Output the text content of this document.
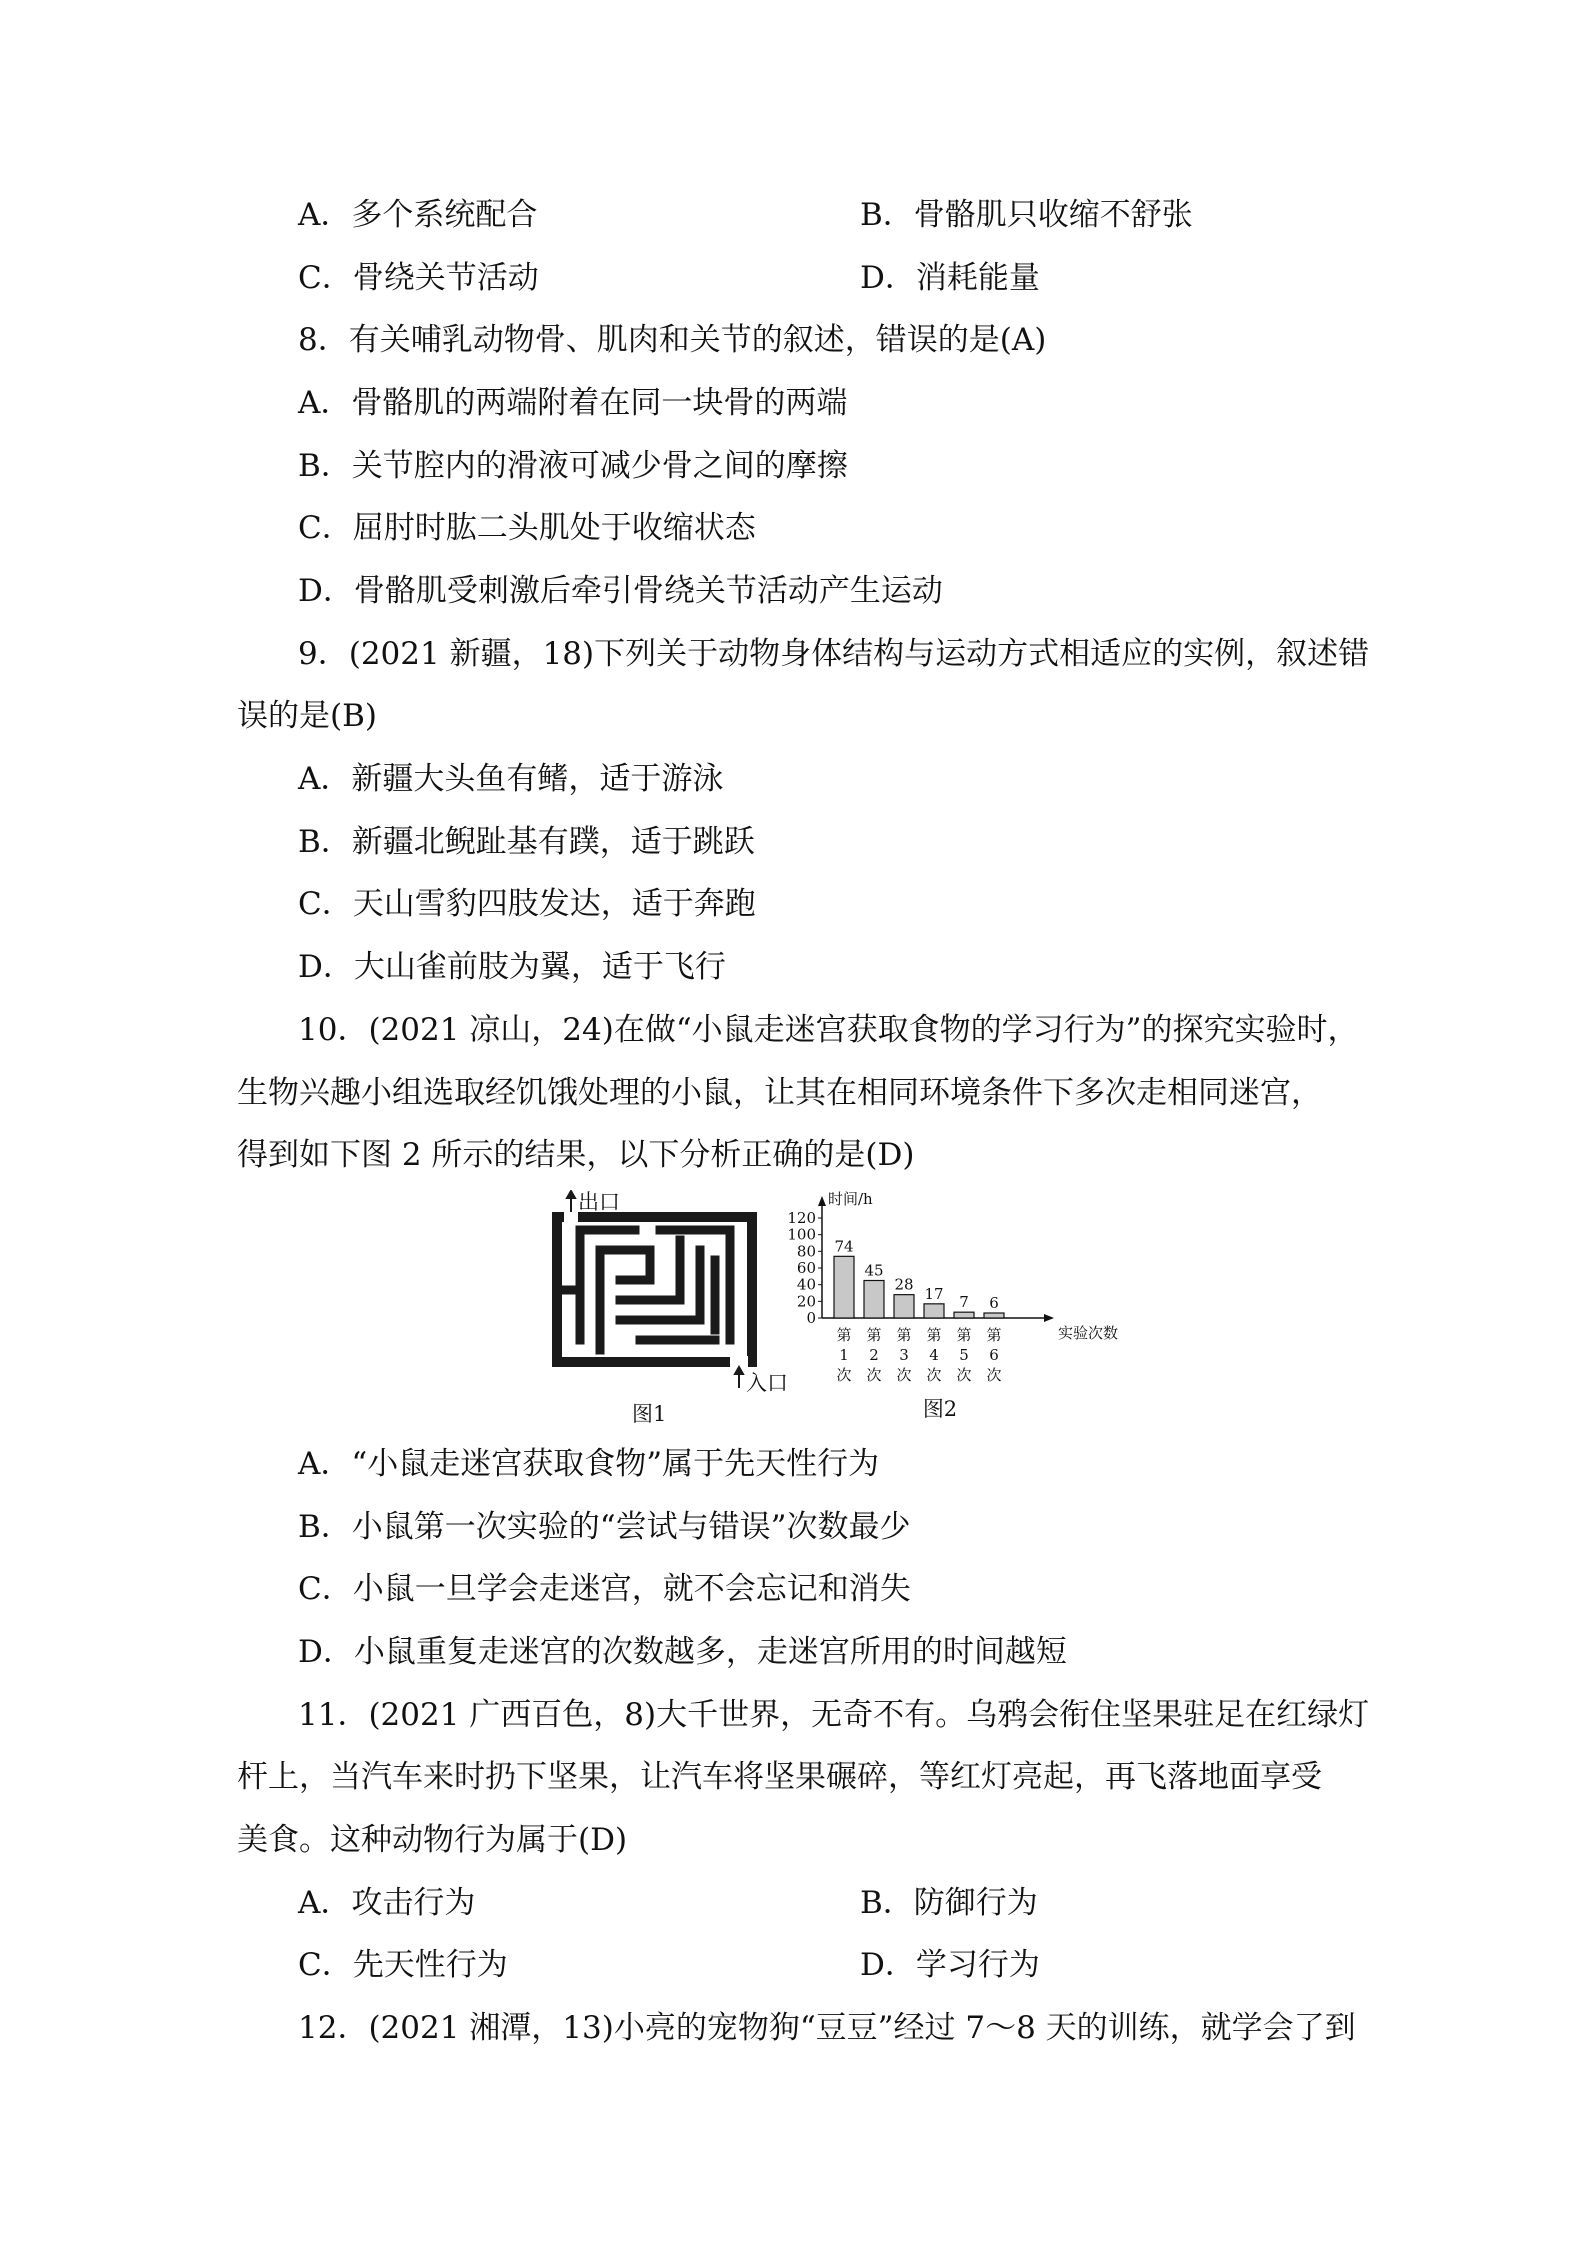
A．多个系统配合	B．骨骼肌只收缩不舒张
C．骨绕关节活动	D．消耗能量
8．有关哺乳动物骨、肌肉和关节的叙述，错误的是(A)
A．骨骼肌的两端附着在同一块骨的两端
B．关节腔内的滑液可减少骨之间的摩擦
C．屈肘时肱二头肌处于收缩状态
D．骨骼肌受刺激后牵引骨绕关节活动产生运动
9．(2021 新疆，18)下列关于动物身体结构与运动方式相适应的实例，叙述错
误的是(B)
A．新疆大头鱼有鳍，适于游泳
B．新疆北鲵趾基有蹼，适于跳跃
C．天山雪豹四肢发达，适于奔跑
D．大山雀前肢为翼，适于飞行
10．(2021 凉山，24)在做“小鼠走迷宫获取食物的学习行为”的探究实验时，
生物兴趣小组选取经饥饿处理的小鼠，让其在相同环境条件下多次走相同迷宫，
得到如下图 2 所示的结果，以下分析正确的是(D)
出口
入口
图1
0
20
40
60
80
100
120
时间/h
实验次数
74
第
1
次
45
第
2
次
28
第
3
次
17
第
4
次
7
第
5
次
6
第
6
次
图2
A．“小鼠走迷宫获取食物”属于先天性行为
B．小鼠第一次实验的“尝试与错误”次数最少
C．小鼠一旦学会走迷宫，就不会忘记和消失
D．小鼠重复走迷宫的次数越多，走迷宫所用的时间越短
11．(2021 广西百色，8)大千世界，无奇不有。乌鸦会衔住坚果驻足在红绿灯
杆上，当汽车来时扔下坚果，让汽车将坚果碾碎，等红灯亮起，再飞落地面享受
美食。这种动物行为属于(D)
A．攻击行为	B．防御行为
C．先天性行为	D．学习行为
12．(2021 湘潭，13)小亮的宠物狗“豆豆”经过 7～8 天的训练，就学会了到
